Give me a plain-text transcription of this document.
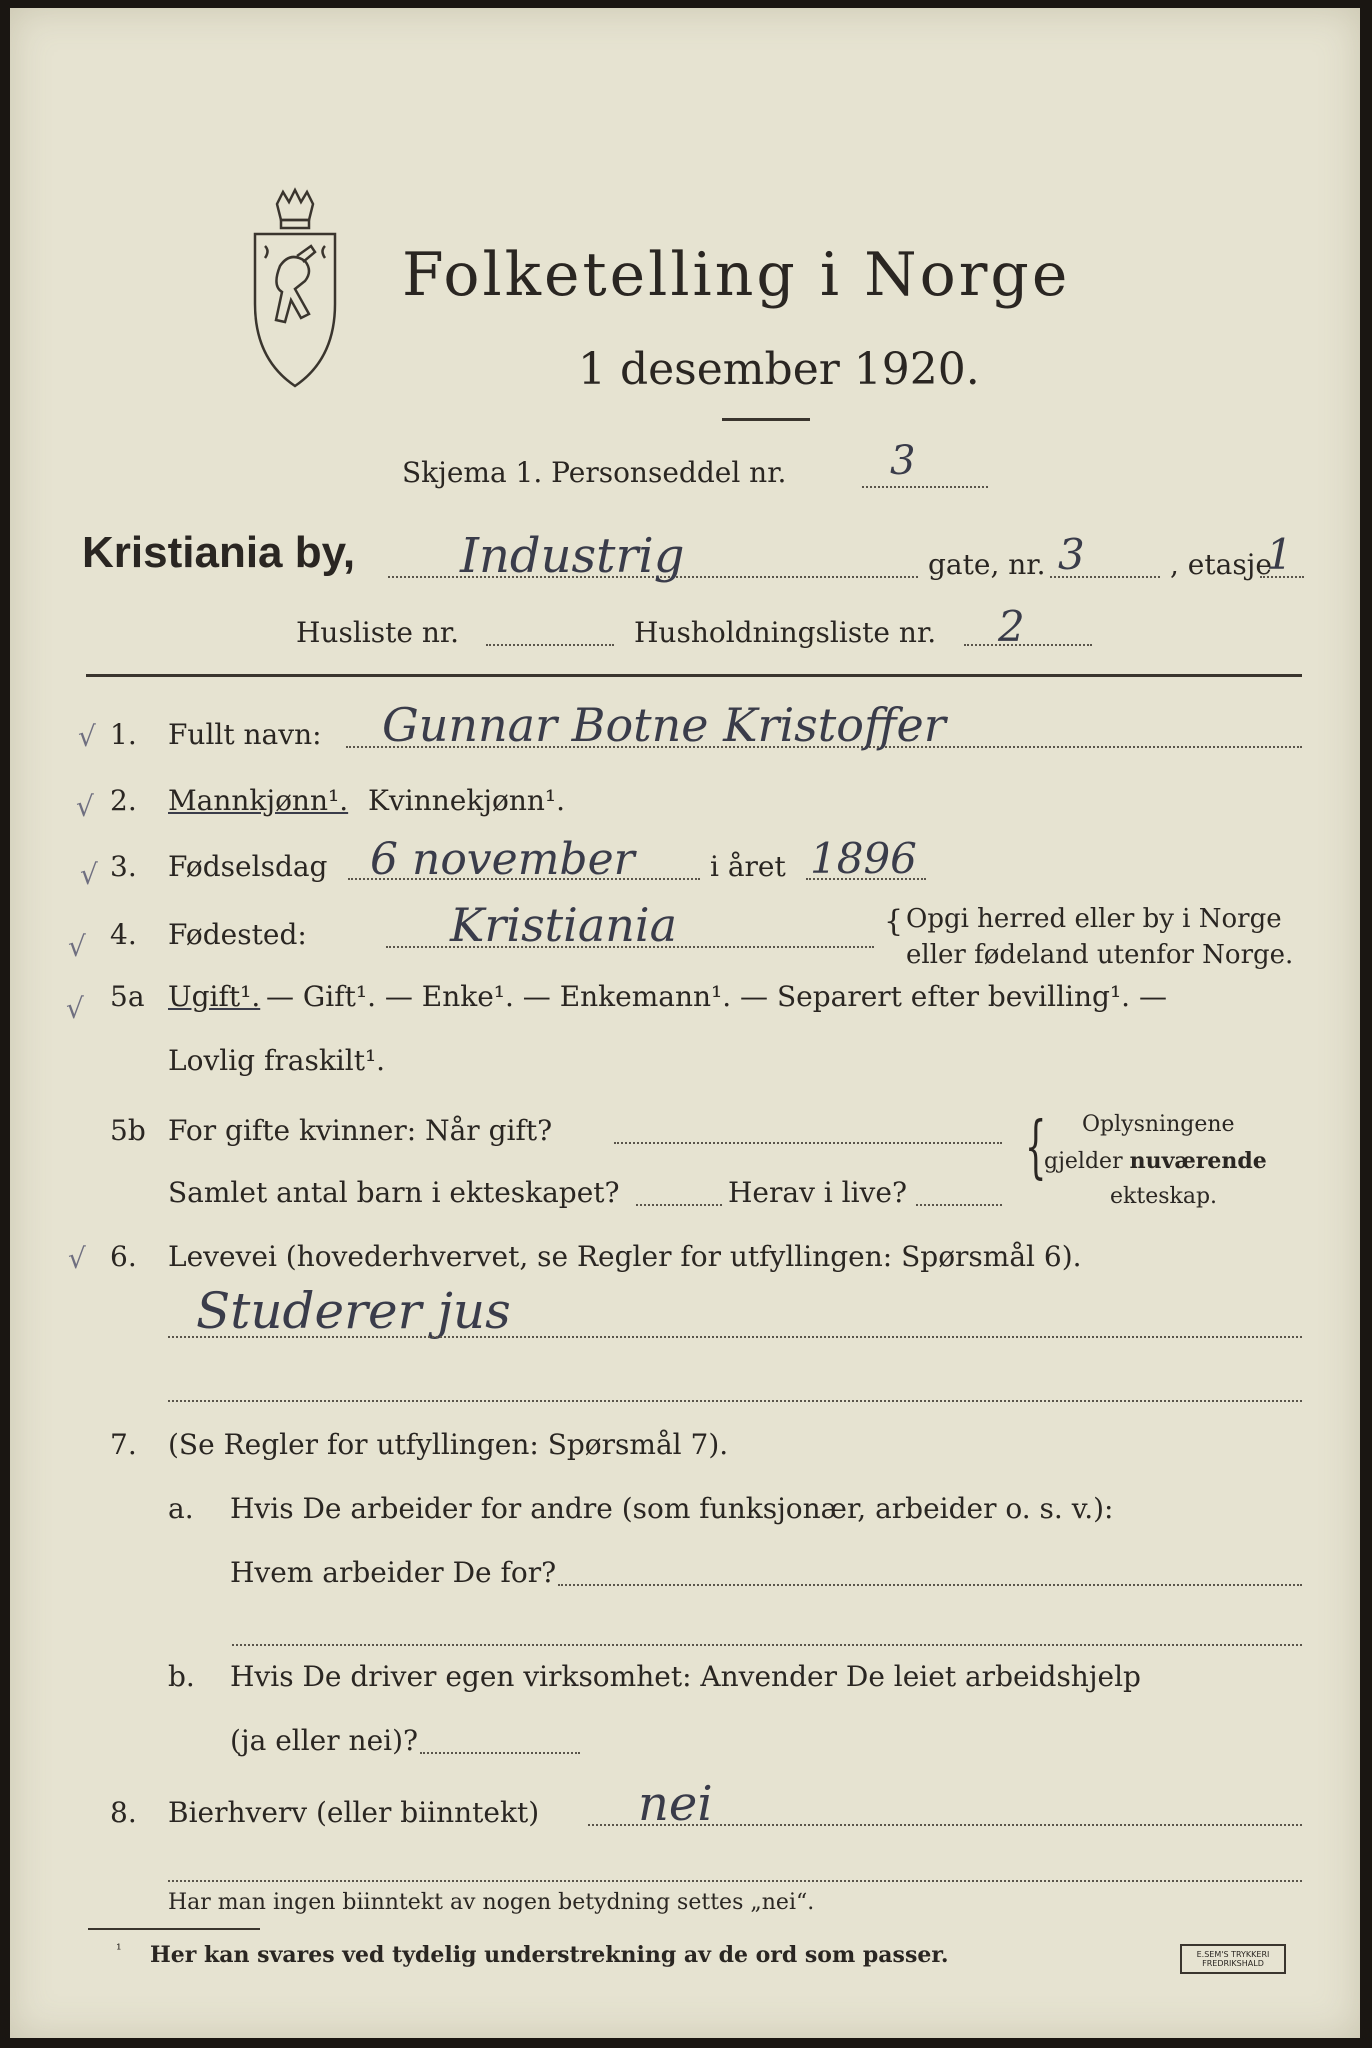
Folketelling i Norge
1 desember 1920.
Skjema 1. Personseddel nr.	3
Kristiania by, Industrig	gate, nr. 3	, etasje
1
Husliste nr.	Husholdningsliste nr. 2
√
√
√
√
√
√
1. Fullt navn: Gunnar Botne Kristoffer
2. Mannkjønn¹. Kvinnekjønn¹.
3. Fødselsdag 6 november	i året 1896
4. Fødested:	Kristiania	{ Opgi herred eller by i Norge
eller fødeland utenfor Norge.
5a Ugift¹. — Gift¹. — Enke¹. — Enkemann¹. — Separert efter bevilling¹. —
Lovlig fraskilt¹.
5b For gifte kvinner: Når gift?
Samlet antal barn i ekteskapet?	Herav i live?
{ Oplysningene
gjelder nuværende
ekteskap.
6. Levevei (hovederhvervet, se Regler for utfyllingen: Spørsmål 6).
Studerer jus
7. (Se Regler for utfyllingen: Spørsmål 7).
a. Hvis De arbeider for andre (som funksjonær, arbeider o. s. v.):
Hvem arbeider De for?
b. Hvis De driver egen virksomhet: Anvender De leiet arbeidshjelp
(ja eller nei)?
8. Bierhverv (eller biinntekt) nei
Har man ingen biinntekt av nogen betydning settes „nei“.
¹ Her kan svares ved tydelig understrekning av de ord som passer.	E.SEM'S TRYKKERI FREDRIKSHALD
